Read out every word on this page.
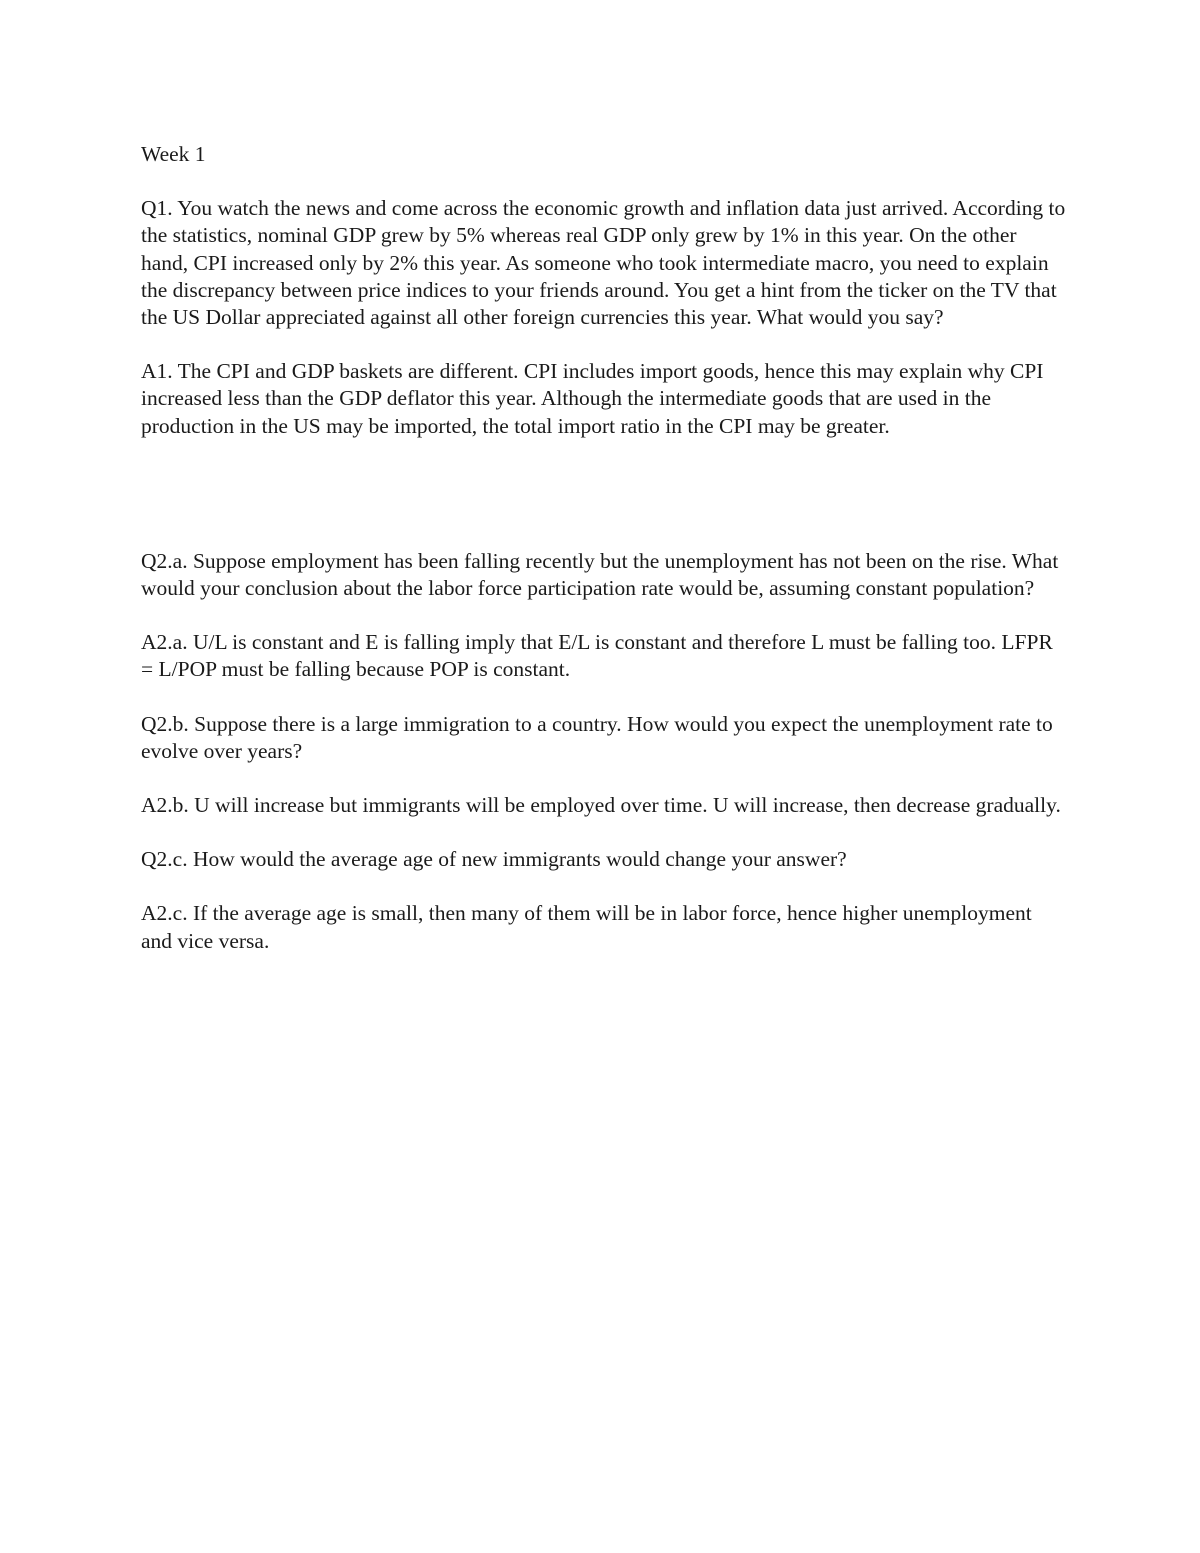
Week 1

Q1. You watch the news and come across the economic growth and inflation data just arrived. According to the statistics, nominal GDP grew by 5% whereas real GDP only grew by 1% in this year. On the other hand, CPI increased only by 2% this year. As someone who took intermediate macro, you need to explain the discrepancy between price indices to your friends around. You get a hint from the ticker on the TV that the US Dollar appreciated against all other foreign currencies this year. What would you say?

A1. The CPI and GDP baskets are different. CPI includes import goods, hence this may explain why CPI increased less than the GDP deflator this year. Although the intermediate goods that are used in the production in the US may be imported, the total import ratio in the CPI may be greater.

Q2.a. Suppose employment has been falling recently but the unemployment has not been on the rise. What would your conclusion about the labor force participation rate would be, assuming constant population?

A2.a. U/L is constant and E is falling imply that E/L is constant and therefore L must be falling too. LFPR = L/POP must be falling because POP is constant.

Q2.b. Suppose there is a large immigration to a country. How would you expect the unemployment rate to evolve over years?

A2.b. U will increase but immigrants will be employed over time. U will increase, then decrease gradually.

Q2.c. How would the average age of new immigrants would change your answer?

A2.c. If the average age is small, then many of them will be in labor force, hence higher unemployment and vice versa.
